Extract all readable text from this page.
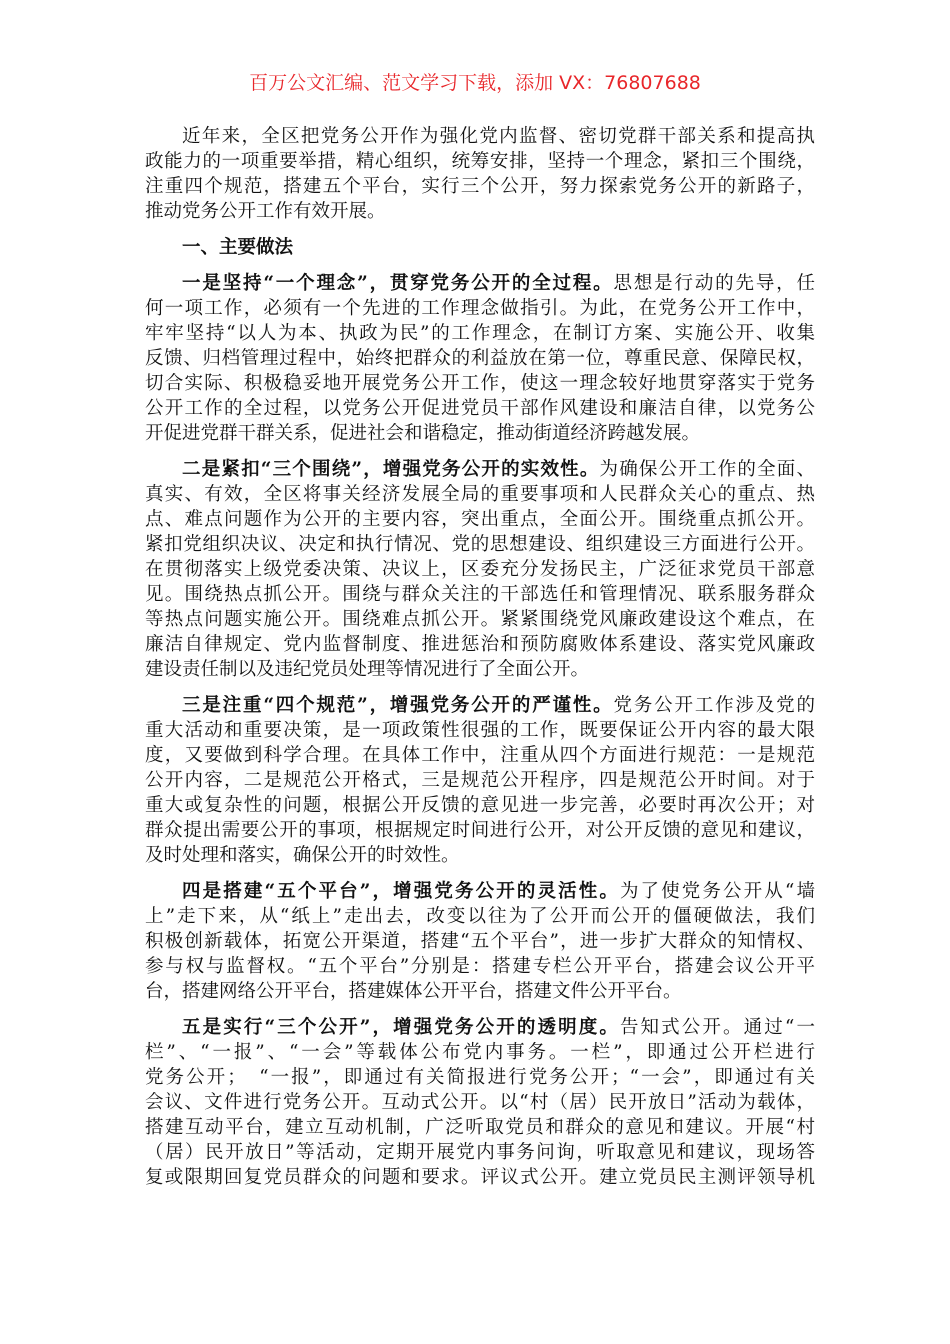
百万公文汇编、范文学习下载，添加 VX：76807688
近年来，全区把党务公开作为强化党内监督、密切党群干部关系和提高执
政能力的一项重要举措，精心组织，统筹安排，坚持一个理念，紧扣三个围绕，
注重四个规范，搭建五个平台，实行三个公开，努力探索党务公开的新路子，
推动党务公开工作有效开展。
一、主要做法
一是坚持“一个理念”，贯穿党务公开的全过程。思想是行动的先导，任
何一项工作，必须有一个先进的工作理念做指引。为此，在党务公开工作中，
牢牢坚持“以人为本、执政为民”的工作理念，在制订方案、实施公开、收集
反馈、归档管理过程中，始终把群众的利益放在第一位，尊重民意、保障民权，
切合实际、积极稳妥地开展党务公开工作，使这一理念较好地贯穿落实于党务
公开工作的全过程，以党务公开促进党员干部作风建设和廉洁自律，以党务公
开促进党群干群关系，促进社会和谐稳定，推动街道经济跨越发展。
二是紧扣“三个围绕”，增强党务公开的实效性。为确保公开工作的全面、
真实、有效，全区将事关经济发展全局的重要事项和人民群众关心的重点、热
点、难点问题作为公开的主要内容，突出重点，全面公开。围绕重点抓公开。
紧扣党组织决议、决定和执行情况、党的思想建设、组织建设三方面进行公开。
在贯彻落实上级党委决策、决议上，区委充分发扬民主，广泛征求党员干部意
见。围绕热点抓公开。围绕与群众关注的干部选任和管理情况、联系服务群众
等热点问题实施公开。围绕难点抓公开。紧紧围绕党风廉政建设这个难点，在
廉洁自律规定、党内监督制度、推进惩治和预防腐败体系建设、落实党风廉政
建设责任制以及违纪党员处理等情况进行了全面公开。
三是注重“四个规范”，增强党务公开的严谨性。党务公开工作涉及党的
重大活动和重要决策，是一项政策性很强的工作，既要保证公开内容的最大限
度，又要做到科学合理。在具体工作中，注重从四个方面进行规范：一是规范
公开内容，二是规范公开格式，三是规范公开程序，四是规范公开时间。对于
重大或复杂性的问题，根据公开反馈的意见进一步完善，必要时再次公开；对
群众提出需要公开的事项，根据规定时间进行公开，对公开反馈的意见和建议，
及时处理和落实，确保公开的时效性。
四是搭建“五个平台”，增强党务公开的灵活性。为了使党务公开从“墙
上”走下来，从“纸上”走出去，改变以往为了公开而公开的僵硬做法，我们
积极创新载体，拓宽公开渠道，搭建“五个平台”，进一步扩大群众的知情权、
参与权与监督权。“五个平台”分别是：搭建专栏公开平台，搭建会议公开平
台，搭建网络公开平台，搭建媒体公开平台，搭建文件公开平台。
五是实行“三个公开”，增强党务公开的透明度。告知式公开。通过“一
栏”、“一报”、“一会”等载体公布党内事务。一栏”，即通过公开栏进行
党务公开；　“一报”，即通过有关简报进行党务公开；“一会”，即通过有关
会议、文件进行党务公开。互动式公开。以“村（居）民开放日”活动为载体，
搭建互动平台，建立互动机制，广泛听取党员和群众的意见和建议。开展“村
（居）民开放日”等活动，定期开展党内事务问询，听取意见和建议，现场答
复或限期回复党员群众的问题和要求。评议式公开。建立党员民主测评领导机
